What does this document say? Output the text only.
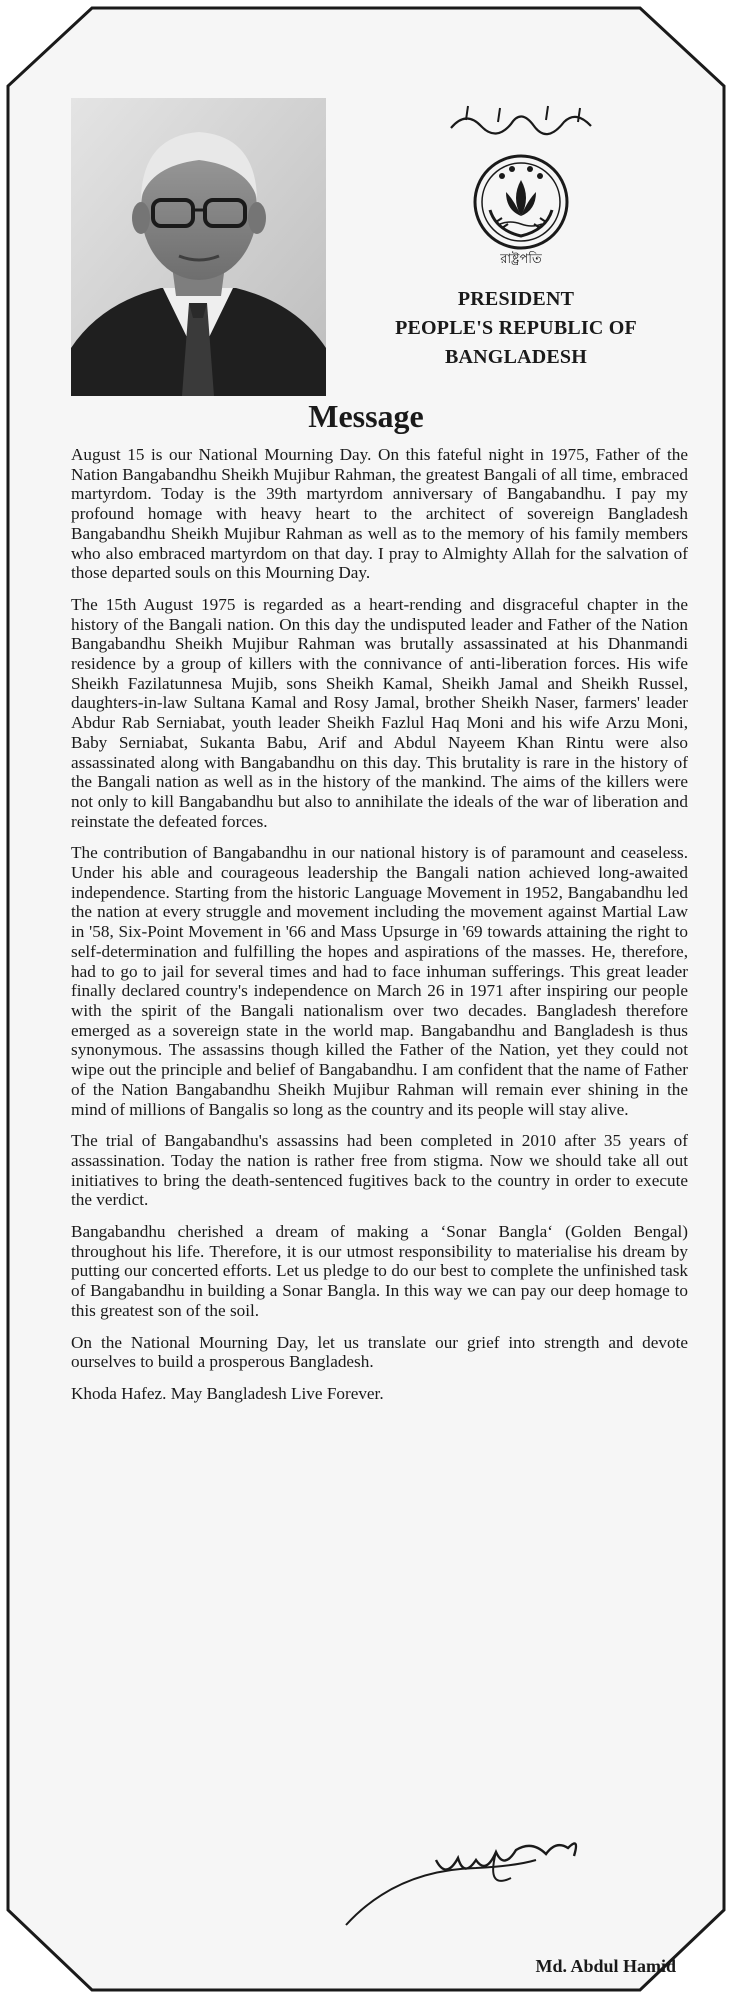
রাষ্ট্রপতি
PRESIDENT
PEOPLE'S REPUBLIC OF
BANGLADESH
Message

August 15 is our National Mourning Day. On this fateful night in 1975, Father of the Nation Bangabandhu Sheikh Mujibur Rahman, the greatest Bangali of all time, embraced martyrdom. Today is the 39th martyrdom anniversary of Bangabandhu. I pay my profound homage with heavy heart to the architect of sovereign Bangladesh Bangabandhu Sheikh Mujibur Rahman as well as to the memory of his family members who also embraced martyrdom on that day. I pray to Almighty Allah for the salvation of those departed souls on this Mourning Day.

The 15th August 1975 is regarded as a heart-rending and disgraceful chapter in the history of the Bangali nation. On this day the undisputed leader and Father of the Nation Bangabandhu Sheikh Mujibur Rahman was brutally assassinated at his Dhanmandi residence by a group of killers with the connivance of anti-liberation forces. His wife Sheikh Fazilatunnesa Mujib, sons Sheikh Kamal, Sheikh Jamal and Sheikh Russel, daughters-in-law Sultana Kamal and Rosy Jamal, brother Sheikh Naser, farmers' leader Abdur Rab Serniabat, youth leader Sheikh Fazlul Haq Moni and his wife Arzu Moni, Baby Serniabat, Sukanta Babu, Arif and Abdul Nayeem Khan Rintu were also assassinated along with Bangabandhu on this day. This brutality is rare in the history of the Bangali nation as well as in the history of the mankind. The aims of the killers were not only to kill Bangabandhu but also to annihilate the ideals of the war of liberation and reinstate the defeated forces.

The contribution of Bangabandhu in our national history is of paramount and ceaseless. Under his able and courageous leadership the Bangali nation achieved long-awaited independence. Starting from the historic Language Movement in 1952, Bangabandhu led the nation at every struggle and movement including the movement against Martial Law in '58, Six-Point Movement in '66 and Mass Upsurge in '69 towards attaining the right to self-determination and fulfilling the hopes and aspirations of the masses. He, therefore, had to go to jail for several times and had to face inhuman sufferings. This great leader finally declared country's independence on March 26 in 1971 after inspiring our people with the spirit of the Bangali nationalism over two decades. Bangladesh therefore emerged as a sovereign state in the world map. Bangabandhu and Bangladesh is thus synonymous. The assassins though killed the Father of the Nation, yet they could not wipe out the principle and belief of Bangabandhu. I am confident that the name of Father of the Nation Bangabandhu Sheikh Mujibur Rahman will remain ever shining in the mind of millions of Bangalis so long as the country and its people will stay alive.

The trial of Bangabandhu's assassins had been completed in 2010 after 35 years of assassination. Today the nation is rather free from stigma. Now we should take all out initiatives to bring the death-sentenced fugitives back to the country in order to execute the verdict.

Bangabandhu cherished a dream of making a ‘Sonar Bangla‘ (Golden Bengal) throughout his life. Therefore, it is our utmost responsibility to materialise his dream by putting our concerted efforts. Let us pledge to do our best to complete the unfinished task of Bangabandhu in building a Sonar Bangla. In this way we can pay our deep homage to this greatest son of the soil.

On the National Mourning Day, let us translate our grief into strength and devote ourselves to build a prosperous Bangladesh.

Khoda Hafez. May Bangladesh Live Forever.

Md. Abdul Hamid
